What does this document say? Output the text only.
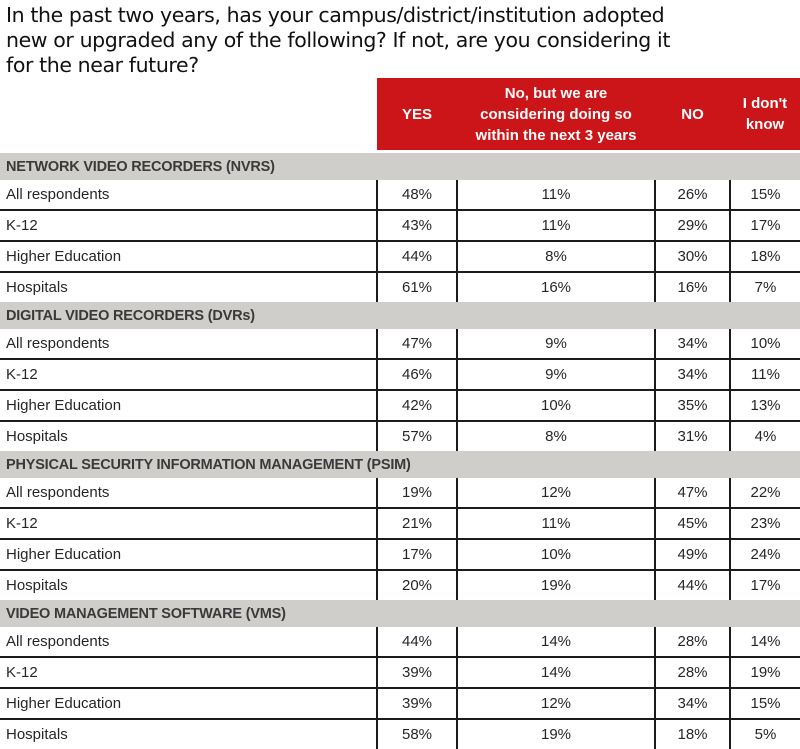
In the past two years, has your campus/district/institution adopted
new or upgraded any of the following? If not, are you considering it
for the near future?
	YES	No, but we are considering doing so within the next 3 years	NO	I don't know
NETWORK VIDEO RECORDERS (NVRS)				
All respondents	48%	11%	26%	15%
K-12	43%	11%	29%	17%
Higher Education	44%	8%	30%	18%
Hospitals	61%	16%	16%	7%
DIGITAL VIDEO RECORDERS (DVRs)				
All respondents	47%	9%	34%	10%
K-12	46%	9%	34%	11%
Higher Education	42%	10%	35%	13%
Hospitals	57%	8%	31%	4%
PHYSICAL SECURITY INFORMATION MANAGEMENT (PSIM)				
All respondents	19%	12%	47%	22%
K-12	21%	11%	45%	23%
Higher Education	17%	10%	49%	24%
Hospitals	20%	19%	44%	17%
VIDEO MANAGEMENT SOFTWARE (VMS)				
All respondents	44%	14%	28%	14%
K-12	39%	14%	28%	19%
Higher Education	39%	12%	34%	15%
Hospitals	58%	19%	18%	5%
